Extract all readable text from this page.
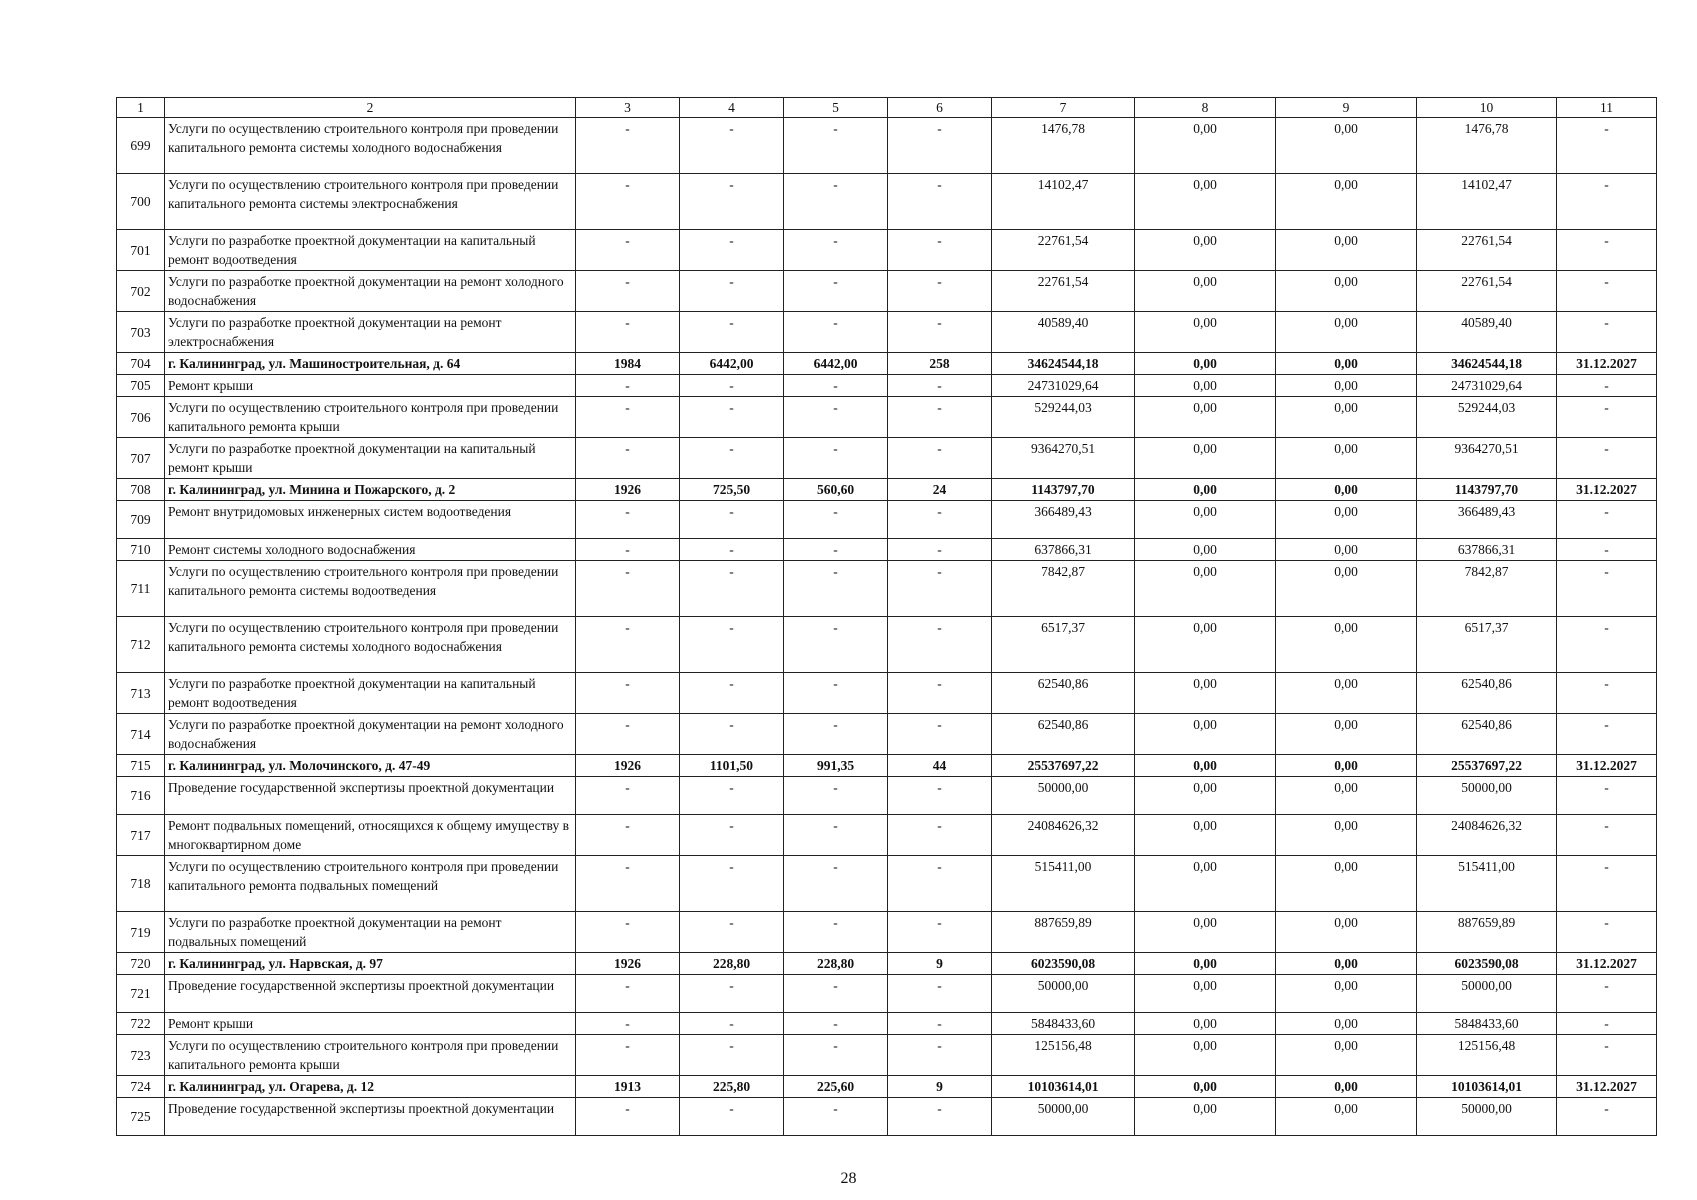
1	2	3	4	5	6	7	8	9	10	11
699	Услуги по осуществлению строительного контроля при проведении капитального ремонта системы холодного водоснабжения	-	-	-	-	1476,78	0,00	0,00	1476,78	-
700	Услуги по осуществлению строительного контроля при проведении капитального ремонта системы электроснабжения	-	-	-	-	14102,47	0,00	0,00	14102,47	-
701	Услуги по разработке проектной документации на капитальный ремонт водоотведения	-	-	-	-	22761,54	0,00	0,00	22761,54	-
702	Услуги по разработке проектной документации на ремонт холодного водоснабжения	-	-	-	-	22761,54	0,00	0,00	22761,54	-
703	Услуги по разработке проектной документации на ремонт электроснабжения	-	-	-	-	40589,40	0,00	0,00	40589,40	-
704	г. Калининград, ул. Машиностроительная, д. 64	1984	6442,00	6442,00	258	34624544,18	0,00	0,00	34624544,18	31.12.2027
705	Ремонт крыши	-	-	-	-	24731029,64	0,00	0,00	24731029,64	-
706	Услуги по осуществлению строительного контроля при проведении капитального ремонта крыши	-	-	-	-	529244,03	0,00	0,00	529244,03	-
707	Услуги по разработке проектной документации на капитальный ремонт крыши	-	-	-	-	9364270,51	0,00	0,00	9364270,51	-
708	г. Калининград, ул. Минина и Пожарского, д. 2	1926	725,50	560,60	24	1143797,70	0,00	0,00	1143797,70	31.12.2027
709	Ремонт внутридомовых инженерных систем водоотведения	-	-	-	-	366489,43	0,00	0,00	366489,43	-
710	Ремонт системы холодного водоснабжения	-	-	-	-	637866,31	0,00	0,00	637866,31	-
711	Услуги по осуществлению строительного контроля при проведении капитального ремонта системы водоотведения	-	-	-	-	7842,87	0,00	0,00	7842,87	-
712	Услуги по осуществлению строительного контроля при проведении капитального ремонта системы холодного водоснабжения	-	-	-	-	6517,37	0,00	0,00	6517,37	-
713	Услуги по разработке проектной документации на капитальный ремонт водоотведения	-	-	-	-	62540,86	0,00	0,00	62540,86	-
714	Услуги по разработке проектной документации на ремонт холодного водоснабжения	-	-	-	-	62540,86	0,00	0,00	62540,86	-
715	г. Калининград, ул. Молочинского, д. 47-49	1926	1101,50	991,35	44	25537697,22	0,00	0,00	25537697,22	31.12.2027
716	Проведение государственной экспертизы проектной документации	-	-	-	-	50000,00	0,00	0,00	50000,00	-
717	Ремонт подвальных помещений, относящихся к общему имуществу в многоквартирном доме	-	-	-	-	24084626,32	0,00	0,00	24084626,32	-
718	Услуги по осуществлению строительного контроля при проведении капитального ремонта подвальных помещений	-	-	-	-	515411,00	0,00	0,00	515411,00	-
719	Услуги по разработке проектной документации на ремонт подвальных помещений	-	-	-	-	887659,89	0,00	0,00	887659,89	-
720	г. Калининград, ул. Нарвская, д. 97	1926	228,80	228,80	9	6023590,08	0,00	0,00	6023590,08	31.12.2027
721	Проведение государственной экспертизы проектной документации	-	-	-	-	50000,00	0,00	0,00	50000,00	-
722	Ремонт крыши	-	-	-	-	5848433,60	0,00	0,00	5848433,60	-
723	Услуги по осуществлению строительного контроля при проведении капитального ремонта крыши	-	-	-	-	125156,48	0,00	0,00	125156,48	-
724	г. Калининград, ул. Огарева, д. 12	1913	225,80	225,60	9	10103614,01	0,00	0,00	10103614,01	31.12.2027
725	Проведение государственной экспертизы проектной документации	-	-	-	-	50000,00	0,00	0,00	50000,00	-
28
